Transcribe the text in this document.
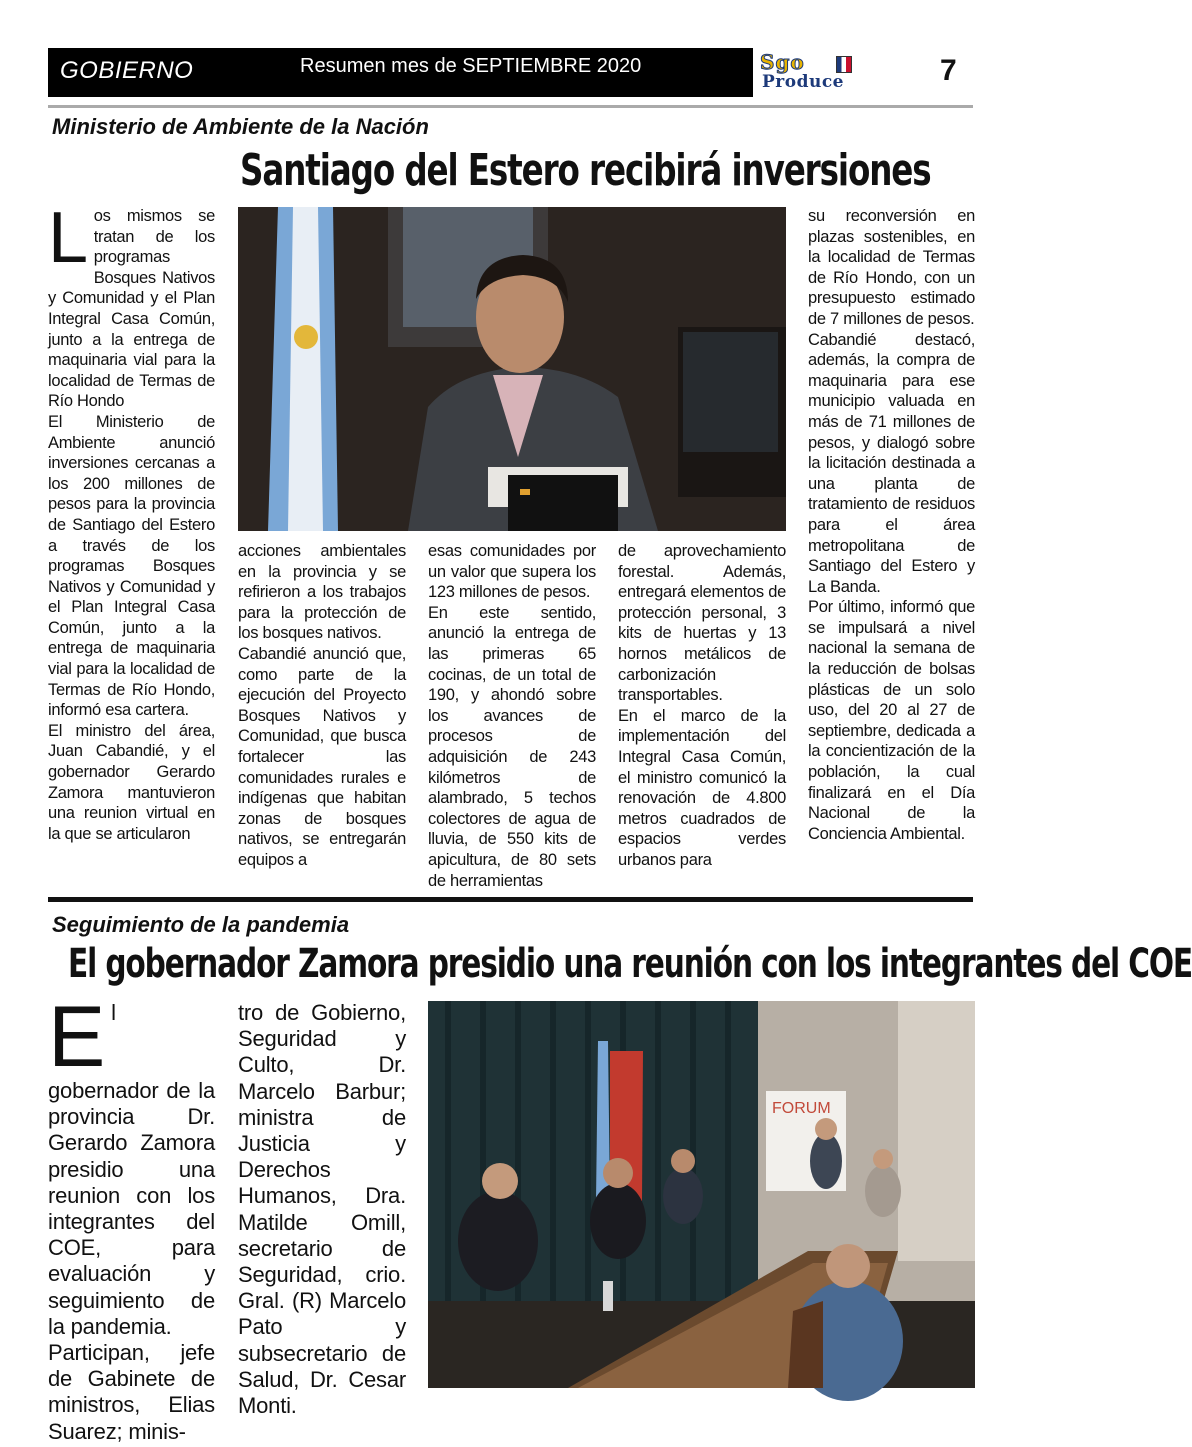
GOBIERNO	Resumen mes de SEPTIEMBRE 2020	Sgo
Produce	7
Ministerio de Ambiente de la Nación
Santiago del Estero recibirá inversiones
L os mismos se tratan de los programas Bosques Nativos y Comunidad y el Plan Integral Casa Común, junto a la entrega de maquinaria vial para la localidad de Termas de Río Hondo

El Ministerio de Ambiente anunció inversiones cercanas a los 200 millones de pesos para la provincia de Santiago del Estero a través de los programas Bosques Nativos y Comunidad y el Plan Integral Casa Común, junto a la entrega de maquinaria vial para la localidad de Termas de Río Hondo, informó esa cartera.

El ministro del área, Juan Cabandié, y el gobernador Gerardo Zamora mantuvieron una reunion virtual en la que se articularon

acciones ambientales en la provincia y se refirieron a los trabajos para la protección de los bosques nativos.

Cabandié anunció que, como parte de la ejecución del Proyecto Bosques Nativos y Comunidad, que busca fortalecer las comunidades rurales e indígenas que habitan zonas de bosques nativos, se entregarán equipos a

esas comunidades por un valor que supera los 123 millones de pesos.

En este sentido, anunció la entrega de las primeras 65 cocinas, de un total de 190, y ahondó sobre los avances de procesos de adquisición de 243 kilómetros de alambrado, 5 techos colectores de agua de lluvia, de 550 kits de apicultura, de 80 sets de herramientas

de aprovechamiento forestal. Además, entregará elementos de protección personal, 3 kits de huertas y 13 hornos metálicos de carbonización transportables.

En el marco de la implementación del Integral Casa Común, el ministro comunicó la renovación de 4.800 metros cuadrados de espacios verdes urbanos para

su reconversión en plazas sostenibles, en la localidad de Termas de Río Hondo, con un presupuesto estimado de 7 millones de pesos.

Cabandié destacó, además, la compra de maquinaria para ese municipio valuada en más de 71 millones de pesos, y dialogó sobre la licitación destinada a una planta de tratamiento de residuos para el área metropolitana de Santiago del Estero y La Banda.

Por último, informó que se impulsará a nivel nacional la semana de la reducción de bolsas plásticas de un solo uso, del 20 al 27 de septiembre, dedicada a la concientización de la población, la cual finalizará en el Día Nacional de la Conciencia Ambiental.

Seguimiento de la pandemia
El gobernador Zamora presidio una reunión con los integrantes del COE
E l gobernador de la provincia Dr. Gerardo Zamora presidio una reunion con los integrantes del COE, para evaluación y seguimiento de la pandemia.

Participan, jefe de Gabinete de ministros, Elias Suarez; minis-

tro de Gobierno, Seguridad y Culto, Dr. Marcelo Barbur; ministra de Justicia y Derechos Humanos, Dra. Matilde Omill, secretario de Seguridad, crio. Gral. (R) Marcelo Pato y subsecretario de Salud, Dr. Cesar Monti.

FORUM
